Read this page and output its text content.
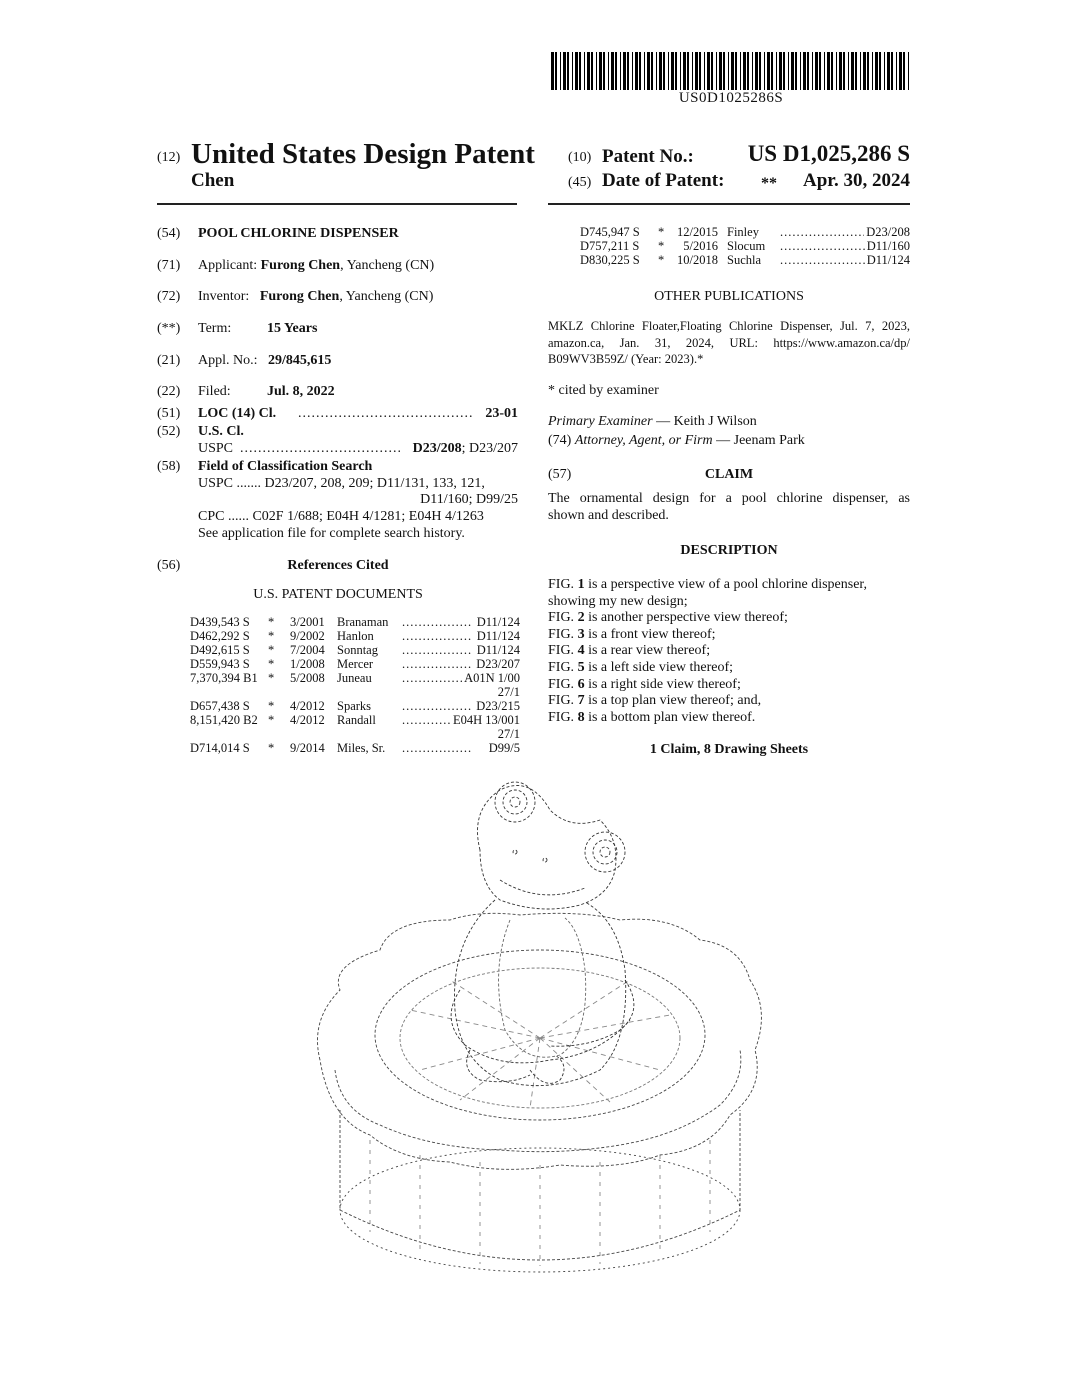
US0D1025286S
(12) United States Design Patent
Chen
(10) Patent No.:	US D1,025,286 S
(45) Date of Patent: **	Apr. 30, 2024
(54) POOL CHLORINE DISPENSER
(71) Applicant: Furong Chen, Yancheng (CN)
(72) Inventor: Furong Chen, Yancheng (CN)
(**) Term:	15 Years
(21) Appl. No.: 29/845,615
(22) Filed:	Jul. 8, 2022
(51) LOC (14) Cl. .....	23-01
(52) U.S. Cl.
USPC .....	D23/208; D23/207
(58) Field of Classification Search
USPC ....... D23/207, 208, 209; D11/131, 133, 121,
D11/160; D99/25
CPC ...... C02F 1/688; E04H 4/1281; E04H 4/1263
See application file for complete search history.
(56)	References Cited
U.S. PATENT DOCUMENTS
D439,543 S * 3/2001 Branaman .....	D11/124
D462,292 S * 9/2002 Hanlon .....	D11/124
D492,615 S * 7/2004 Sonntag .....	D11/124
D559,943 S * 1/2008 Mercer .....	D23/207
7,370,394 B1 * 5/2008 Juneau .....	A01N 1/00
27/1
D657,438 S * 4/2012 Sparks .....	D23/215
8,151,420 B2 * 4/2012 Randall .....	E04H 13/001
27/1
D714,014 S * 9/2014 Miles, Sr. .....	D99/5
D745,947 S *	12/2015 Finley .....	D23/208
D757,211 S *	5/2016 Slocum .....	D11/160
D830,225 S *	10/2018 Suchla .....	D11/124
OTHER PUBLICATIONS
MKLZ Chlorine Floater,Floating Chlorine Dispenser, Jul. 7, 2023,
amazon.ca, Jan. 31, 2024, URL: https://www.amazon.ca/dp/
B09WV3B59Z/ (Year: 2023).*
* cited by examiner
Primary Examiner — Keith J Wilson
(74) Attorney, Agent, or Firm — Jeenam Park
(57)	CLAIM
The ornamental design for a pool chlorine dispenser, as
shown and described.
DESCRIPTION
FIG. 1 is a perspective view of a pool chlorine dispenser,
showing my new design;
FIG. 2 is another perspective view thereof;
FIG. 3 is a front view thereof;
FIG. 4 is a rear view thereof;
FIG. 5 is a left side view thereof;
FIG. 6 is a right side view thereof;
FIG. 7 is a top plan view thereof; and,
FIG. 8 is a bottom plan view thereof.
1 Claim, 8 Drawing Sheets
